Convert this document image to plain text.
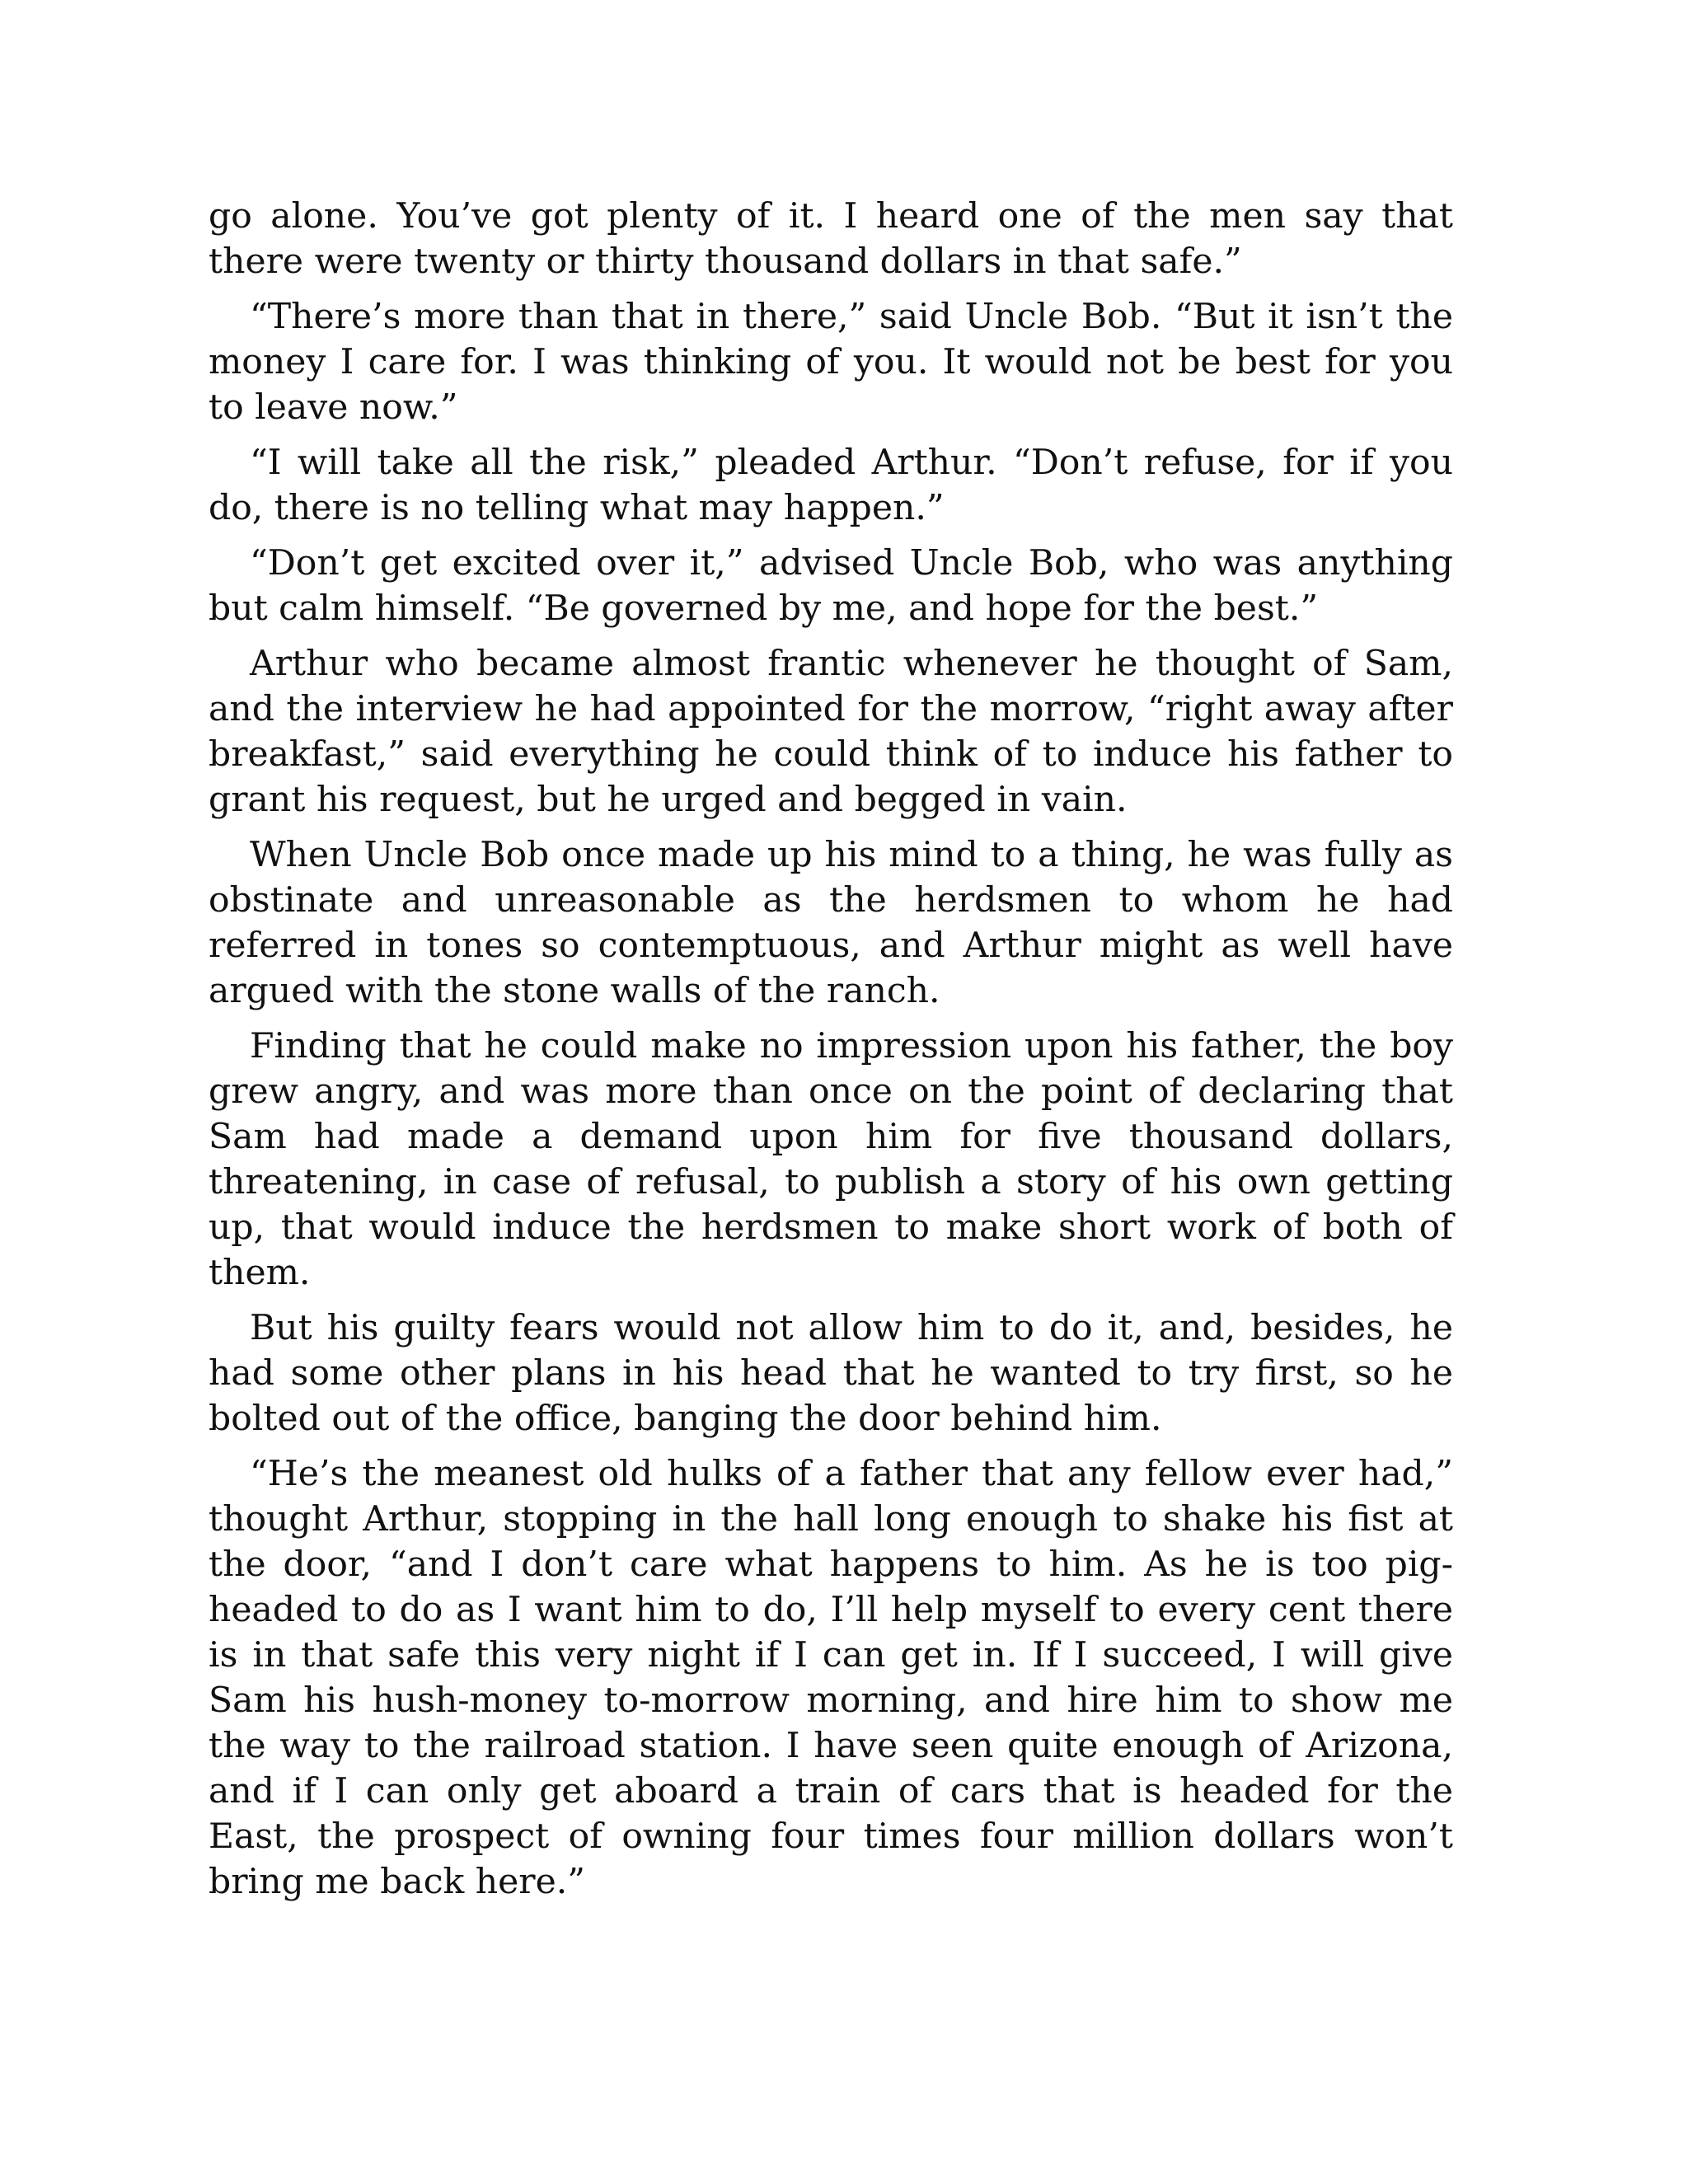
go alone. You’ve got plenty of it. I heard one of the men say that there were twenty or thirty thousand dollars in that safe.”

“There’s more than that in there,” said Uncle Bob. “But it isn’t the money I care for. I was thinking of you. It would not be best for you to leave now.”

“I will take all the risk,” pleaded Arthur. “Don’t refuse, for if you do, there is no telling what may happen.”

“Don’t get excited over it,” advised Uncle Bob, who was anything but calm himself. “Be governed by me, and hope for the best.”

Arthur who became almost frantic whenever he thought of Sam, and the interview he had appointed for the morrow, “right away after breakfast,” said everything he could think of to induce his father to grant his request, but he urged and begged in vain.

When Uncle Bob once made up his mind to a thing, he was fully as obstinate and unreasonable as the herdsmen to whom he had referred in tones so contemptuous, and Arthur might as well have argued with the stone walls of the ranch.

Finding that he could make no impression upon his father, the boy grew angry, and was more than once on the point of declaring that Sam had made a demand upon him for five thousand dollars, threatening, in case of refusal, to publish a story of his own getting up, that would induce the herdsmen to make short work of both of them.

But his guilty fears would not allow him to do it, and, besides, he had some other plans in his head that he wanted to try first, so he bolted out of the office, banging the door behind him.

“He’s the meanest old hulks of a father that any fellow ever had,” thought Arthur, stopping in the hall long enough to shake his fist at the door, “and I don’t care what happens to him. As he is too pig-headed to do as I want him to do, I’ll help myself to every cent there is in that safe this very night if I can get in. If I succeed, I will give Sam his hush-money to-morrow morning, and hire him to show me the way to the railroad station. I have seen quite enough of Arizona, and if I can only get aboard a train of cars that is headed for the East, the prospect of owning four times four million dollars won’t bring me back here.”
